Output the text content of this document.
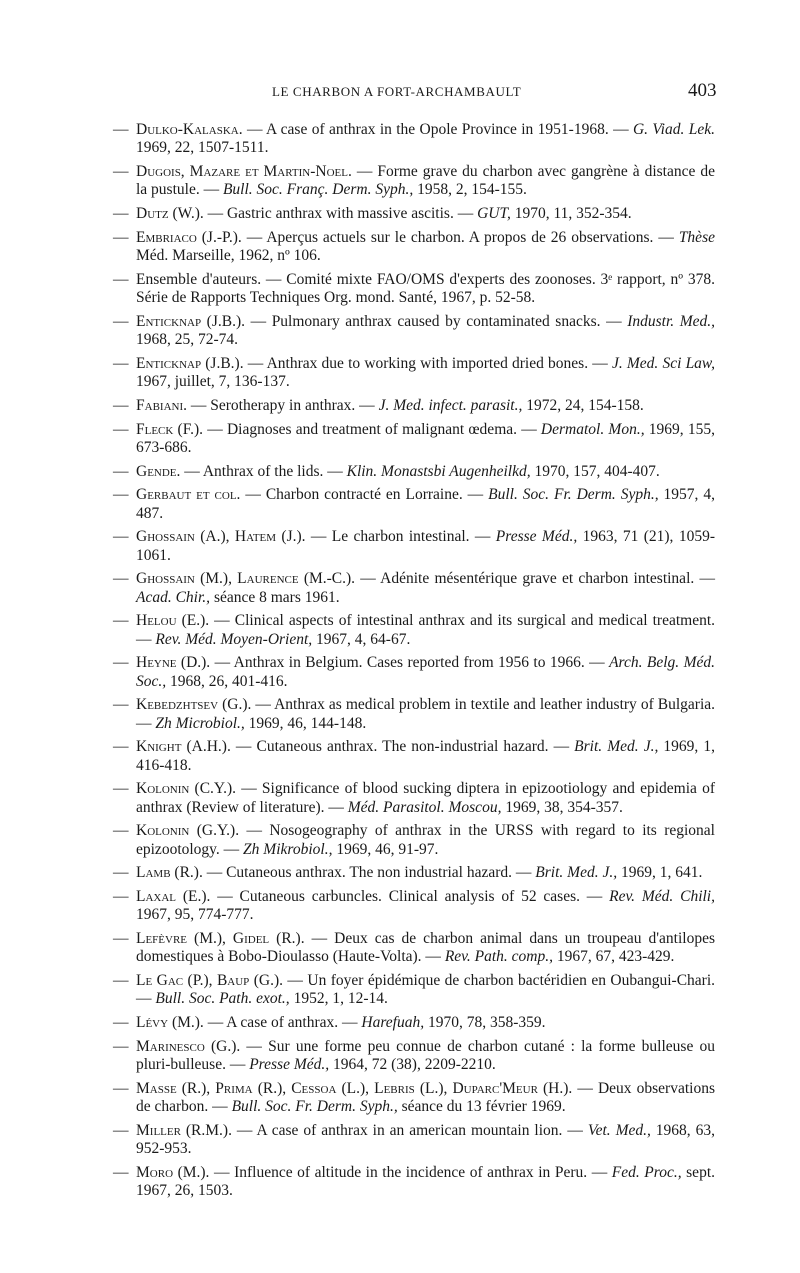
LE CHARBON A FORT-ARCHAMBAULT	403
— Dulko-Kalaska. — A case of anthrax in the Opole Province in 1951-1968. — G. Viad. Lek. 1969, 22, 1507-1511.
— Dugois, Mazare et Martin-Noel. — Forme grave du charbon avec gangrène à distance de la pustule. — Bull. Soc. Franç. Derm. Syph., 1958, 2, 154-155.
— Dutz (W.). — Gastric anthrax with massive ascitis. — GUT, 1970, 11, 352-354.
— Embriaco (J.-P.). — Aperçus actuels sur le charbon. A propos de 26 observations. — Thèse Méd. Marseille, 1962, nº 106.
— Ensemble d'auteurs. — Comité mixte FAO/OMS d'experts des zoonoses. 3ᵉ rapport, nº 378. Série de Rapports Techniques Org. mond. Santé, 1967, p. 52-58.
— Enticknap (J.B.). — Pulmonary anthrax caused by contaminated snacks. — Industr. Med., 1968, 25, 72-74.
— Enticknap (J.B.). — Anthrax due to working with imported dried bones. — J. Med. Sci Law, 1967, juillet, 7, 136-137.
— Fabiani. — Serotherapy in anthrax. — J. Med. infect. parasit., 1972, 24, 154-158.
— Fleck (F.). — Diagnoses and treatment of malignant œdema. — Dermatol. Mon., 1969, 155, 673-686.
— Gende. — Anthrax of the lids. — Klin. Monastsbi Augenheilkd, 1970, 157, 404-407.
— Gerbaut et col. — Charbon contracté en Lorraine. — Bull. Soc. Fr. Derm. Syph., 1957, 4, 487.
— Ghossain (A.), Hatem (J.). — Le charbon intestinal. — Presse Méd., 1963, 71 (21), 1059-1061.
— Ghossain (M.), Laurence (M.-C.). — Adénite mésentérique grave et charbon intestinal. — Acad. Chir., séance 8 mars 1961.
— Helou (E.). — Clinical aspects of intestinal anthrax and its surgical and medical treatment. — Rev. Méd. Moyen-Orient, 1967, 4, 64-67.
— Heyne (D.). — Anthrax in Belgium. Cases reported from 1956 to 1966. — Arch. Belg. Méd. Soc., 1968, 26, 401-416.
— Kebedzhtsev (G.). — Anthrax as medical problem in textile and leather industry of Bulgaria. — Zh Microbiol., 1969, 46, 144-148.
— Knight (A.H.). — Cutaneous anthrax. The non-industrial hazard. — Brit. Med. J., 1969, 1, 416-418.
— Kolonin (C.Y.). — Significance of blood sucking diptera in epizootiology and epidemia of anthrax (Review of literature). — Méd. Parasitol. Moscou, 1969, 38, 354-357.
— Kolonin (G.Y.). — Nosogeography of anthrax in the URSS with regard to its regional epizootology. — Zh Mikrobiol., 1969, 46, 91-97.
— Lamb (R.). — Cutaneous anthrax. The non industrial hazard. — Brit. Med. J., 1969, 1, 641.
— Laxal (E.). — Cutaneous carbuncles. Clinical analysis of 52 cases. — Rev. Méd. Chili, 1967, 95, 774-777.
— Lefèvre (M.), Gidel (R.). — Deux cas de charbon animal dans un troupeau d'antilopes domestiques à Bobo-Dioulasso (Haute-Volta). — Rev. Path. comp., 1967, 67, 423-429.
— Le Gac (P.), Baup (G.). — Un foyer épidémique de charbon bactéridien en Oubangui-Chari. — Bull. Soc. Path. exot., 1952, 1, 12-14.
— Lévy (M.). — A case of anthrax. — Harefuah, 1970, 78, 358-359.
— Marinesco (G.). — Sur une forme peu connue de charbon cutané : la forme bulleuse ou pluri-bulleuse. — Presse Méd., 1964, 72 (38), 2209-2210.
— Masse (R.), Prima (R.), Cessoa (L.), Lebris (L.), Duparc'Meur (H.). — Deux observations de charbon. — Bull. Soc. Fr. Derm. Syph., séance du 13 février 1969.
— Miller (R.M.). — A case of anthrax in an american mountain lion. — Vet. Med., 1968, 63, 952-953.
— Moro (M.). — Influence of altitude in the incidence of anthrax in Peru. — Fed. Proc., sept. 1967, 26, 1503.
